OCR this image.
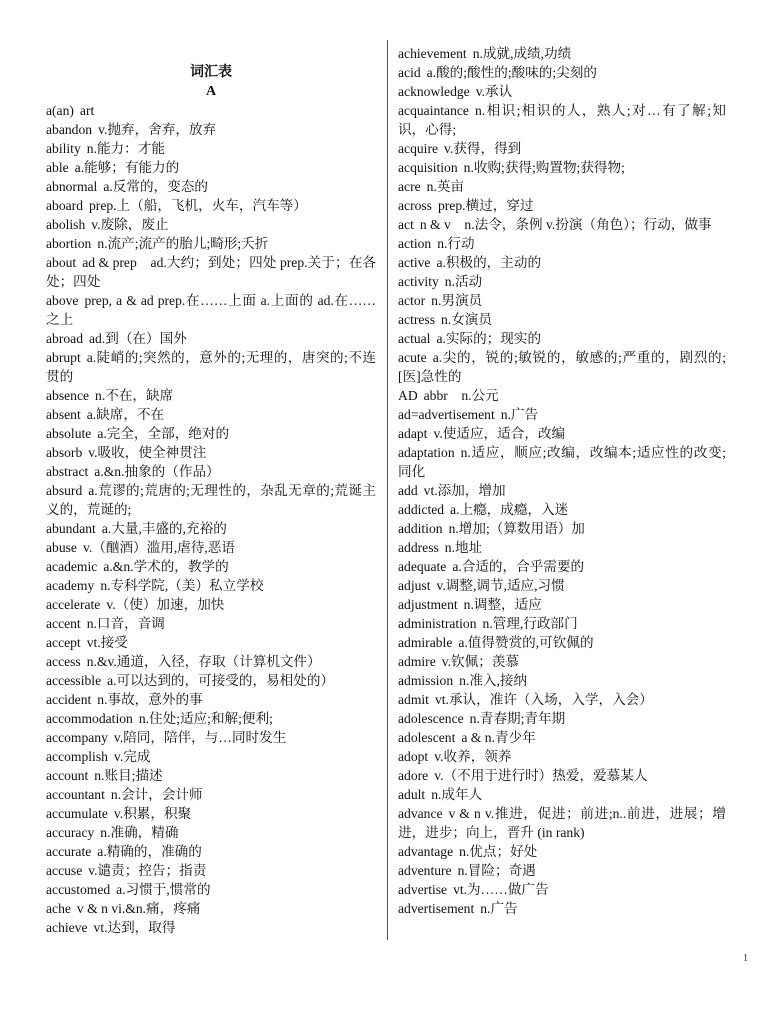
词汇表
A
a(an) art
abandon v.抛弃，舍弃，放弃
ability n.能力：才能
able a.能够；有能力的
abnormal a.反常的，变态的
aboard prep.上（船，飞机，火车，汽车等）
abolish v.废除，废止
abortion n.流产;流产的胎儿;畸形;夭折
about ad & prep　ad.大约；到处；四处 prep.关于；在各处；四处
above prep, a & ad prep.在……上面 a.上面的 ad.在……之上
abroad ad.到（在）国外
abrupt a.陡峭的;突然的，意外的;无理的，唐突的;不连贯的
absence n.不在，缺席
absent a.缺席，不在
absolute a.完全，全部，绝对的
absorb v.吸收，使全神贯注
abstract a.&n.抽象的（作品）
absurd a.荒谬的;荒唐的;无理性的，杂乱无章的;荒诞主义的，荒诞的;
abundant a.大量,丰盛的,充裕的
abuse v.（酗酒）滥用,虐待,恶语
academic a.&n.学术的，教学的
academy n.专科学院,（美）私立学校
accelerate v.（使）加速，加快
accent n.口音，音调
accept vt.接受
access n.&v.通道，入径，存取（计算机文件）
accessible a.可以达到的，可接受的，易相处的）
accident n.事故，意外的事
accommodation n.住处;适应;和解;便利;
accompany v.陪同，陪伴，与…同时发生
accomplish v.完成
account n.账目;描述
accountant n.会计，会计师
accumulate v.积累，积聚
accuracy n.准确，精确
accurate a.精确的，准确的
accuse v.谴责；控告；指责
accustomed a.习惯于,惯常的
ache v & n vi.&n.痛，疼痛
achieve vt.达到，取得
achievement n.成就,成绩,功绩
acid a.酸的;酸性的;酸味的;尖刻的
acknowledge v.承认
acquaintance n.相识;相识的人，熟人;对…有了解;知识，心得;
acquire v.获得，得到
acquisition n.收购;获得;购置物;获得物;
acre n.英亩
across prep.横过，穿过
act n & v　n.法令，条例 v.扮演（角色）；行动，做事
action n.行动
active a.积极的，主动的
activity n.活动
actor n.男演员
actress n.女演员
actual a.实际的；现实的
acute a.尖的，锐的;敏锐的，敏感的;严重的，剧烈的;[医]急性的
AD abbr　n.公元
ad=advertisement n.广告
adapt v.使适应，适合，改编
adaptation n.适应，顺应;改编，改编本;适应性的改变;同化
add vt.添加，增加
addicted a.上瘾，成瘾，入迷
addition n.增加;（算数用语）加
address n.地址
adequate a.合适的，合乎需要的
adjust v.调整,调节,适应,习惯
adjustment n.调整，适应
administration n.管理,行政部门
admirable a.值得赞赏的,可钦佩的
admire v.钦佩；羡慕
admission n.准入,接纳
admit vt.承认，准许（入场，入学，入会）
adolescence n.青春期;青年期
adolescent a & n.青少年
adopt v.收养，领养
adore v.（不用于进行时）热爱，爱慕某人
adult n.成年人
advance v & n v.推进，促进；前进;n..前进，进展；增进，进步；向上，晋升 (in rank)
advantage n.优点；好处
adventure n.冒险；奇遇
advertise vt.为……做广告
advertisement n.广告
1
